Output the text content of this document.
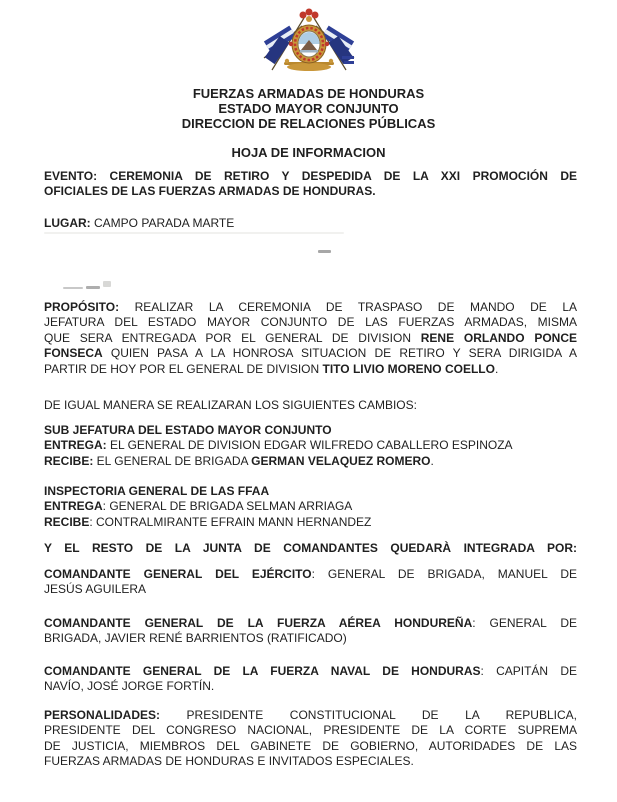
FUERZAS ARMADAS DE HONDURAS
ESTADO MAYOR CONJUNTO
DIRECCION DE RELACIONES PÚBLICAS
HOJA DE INFORMACION
EVENTO: CEREMONIA DE RETIRO Y DESPEDIDA DE LA XXI PROMOCIÓN DE
OFICIALES DE LAS FUERZAS ARMADAS DE HONDURAS.
LUGAR: CAMPO PARADA MARTE
PROPÓSITO: REALIZAR LA CEREMONIA DE TRASPASO DE MANDO DE LA
JEFATURA DEL ESTADO MAYOR CONJUNTO DE LAS FUERZAS ARMADAS, MISMA
QUE SERA ENTREGADA POR EL GENERAL DE DIVISION RENE ORLANDO PONCE
FONSECA QUIEN PASA A LA HONROSA SITUACION DE RETIRO Y SERA DIRIGIDA A
PARTIR DE HOY POR EL GENERAL DE DIVISION TITO LIVIO MORENO COELLO.
DE IGUAL MANERA SE REALIZARAN LOS SIGUIENTES CAMBIOS:
SUB JEFATURA DEL ESTADO MAYOR CONJUNTO
ENTREGA: EL GENERAL DE DIVISION EDGAR WILFREDO CABALLERO ESPINOZA
RECIBE: EL GENERAL DE BRIGADA GERMAN VELAQUEZ ROMERO.
INSPECTORIA GENERAL DE LAS FFAA
ENTREGA: GENERAL DE BRIGADA SELMAN ARRIAGA
RECIBE: CONTRALMIRANTE EFRAIN MANN HERNANDEZ
Y EL RESTO DE LA JUNTA DE COMANDANTES QUEDARÀ INTEGRADA POR:
COMANDANTE GENERAL DEL EJÉRCITO: GENERAL DE BRIGADA, MANUEL DE
JESÚS AGUILERA
COMANDANTE GENERAL DE LA FUERZA AÉREA HONDUREÑA: GENERAL DE
BRIGADA, JAVIER RENÉ BARRIENTOS (RATIFICADO)
COMANDANTE GENERAL DE LA FUERZA NAVAL DE HONDURAS: CAPITÁN DE
NAVÍO, JOSÉ JORGE FORTÍN.
PERSONALIDADES: PRESIDENTE CONSTITUCIONAL DE LA REPUBLICA,
PRESIDENTE DEL CONGRESO NACIONAL, PRESIDENTE DE LA CORTE SUPREMA
DE JUSTICIA, MIEMBROS DEL GABINETE DE GOBIERNO, AUTORIDADES DE LAS
FUERZAS ARMADAS DE HONDURAS E INVITADOS ESPECIALES.
